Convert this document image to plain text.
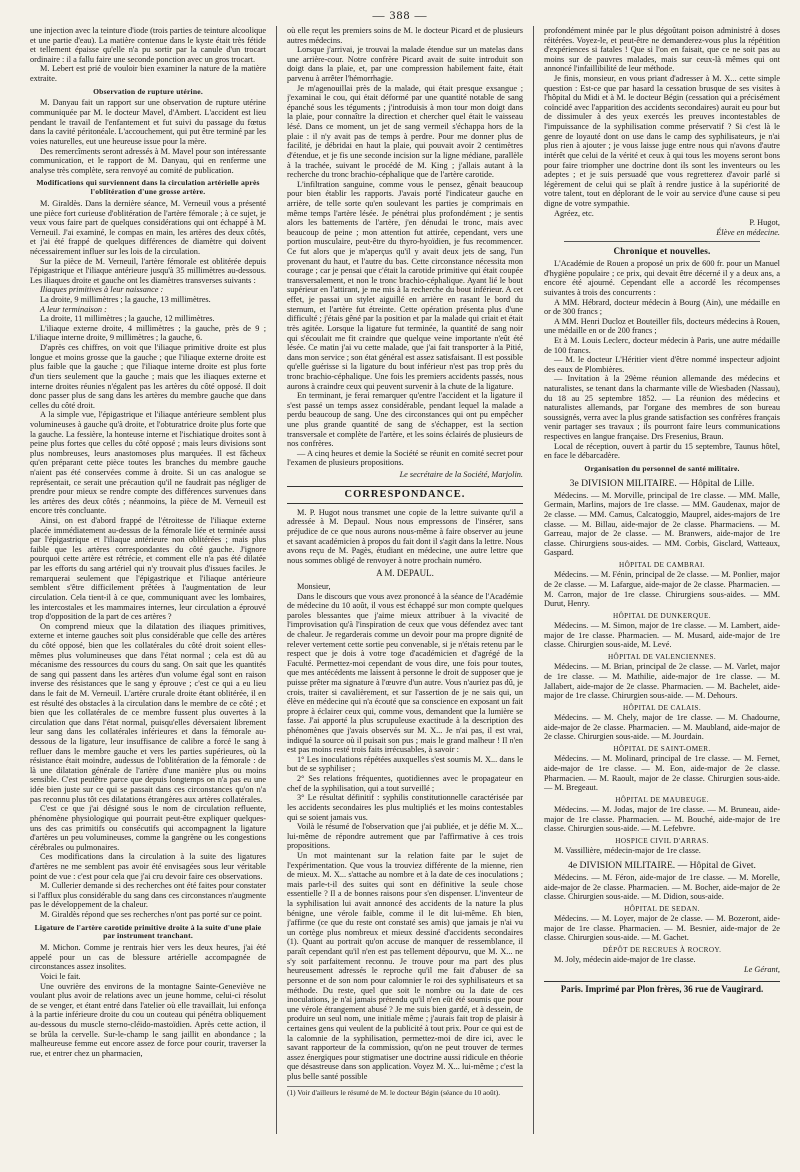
— 388 —

une injection avec la teinture d'iode (trois parties de teinture alcoolique et une partie d'eau). La matière contenue dans le kyste était très fétide et tellement épaisse qu'elle n'a pu sortir par la canule d'un trocart ordinaire : il a fallu faire une seconde ponction avec un gros trocart.

M. Lebert est prié de vouloir bien examiner la nature de la matière extraite.

Observation de rupture utérine.

M. Danyau fait un rapport sur une observation de rupture utérine communiquée par M. le docteur Mavel, d'Ambert. L'accident est lieu pendant le travail de l'enfantement et fut suivi du passage du fœtus dans la cavité péritonéale. L'accouchement, qui put être terminé par les voies naturelles, eut une heureuse issue pour la mère.

Des remercîments seront adressés à M. Mavel pour son intéressante communication, et le rapport de M. Danyau, qui en renferme une analyse très complète, sera renvoyé au comité de publication.

Modifications qui surviennent dans la circulation artérielle après l'oblitération d'une grosse artère.

M. Giraldès. Dans la dernière séance, M. Verneuil vous a présenté une pièce fort curieuse d'oblitération de l'artère fémorale ; à ce sujet, je veux vous faire part de quelques considérations qui ont échappé à M. Verneuil. J'ai examiné, le compas en main, les artères des deux côtés, et j'ai été frappé de quelques différences de diamètre qui doivent nécessairement influer sur les lois de la circulation.

Sur la pièce de M. Verneuil, l'artère fémorale est oblitérée depuis l'épigastrique et l'iliaque antérieure jusqu'à 35 millimètres au-dessous. Les iliaques droite et gauche ont les diamètres transverses suivants :

Iliaques primitives à leur naissance :

La droite, 9 millimètres ; la gauche, 13 millimètres.

A leur terminaison :

La droite, 11 millimètres ; la gauche, 12 millimètres.

L'iliaque externe droite, 4 millimètres ; la gauche, près de 9 ; L'iliaque interne droite, 9 millimètres ; la gauche, 6.

D'après ces chiffres, on voit que l'iliaque primitive droite est plus longue et moins grosse que la gauche ; que l'iliaque externe droite est plus faible que la gauche ; que l'iliaque interne droite est plus forte d'un tiers seulement que la gauche ; mais que les iliaques externe et interne droites réunies n'égalent pas les artères du côté opposé. Il doit donc passer plus de sang dans les artères du membre gauche que dans celles du côté droit.

A la simple vue, l'épigastrique et l'iliaque antérieure semblent plus volumineuses à gauche qu'à droite, et l'obturatrice droite plus forte que la gauche. La fessière, la honteuse interne et l'ischiatique droites sont à peine plus fortes que celles du côté opposé ; mais leurs divisions sont plus nombreuses, leurs anastomoses plus marquées. Il est fâcheux qu'en préparant cette pièce toutes les branches du membre gauche n'aient pas été conservées comme à droite. Si un cas analogue se représentait, ce serait une précaution qu'il ne faudrait pas négliger de prendre pour mieux se rendre compte des différences survenues dans les artères des deux côtés ; néanmoins, la pièce de M. Verneuil est encore très concluante.

Ainsi, on est d'abord frappé de l'étroitesse de l'iliaque externe placée immédiatement au-dessus de la fémorale liée et terminée aussi par l'épigastrique et l'iliaque antérieure non oblitérées ; mais plus faible que les artères correspondantes du côté gauche. J'ignore pourquoi cette artère est rétrécie, et comment elle n'a pas été dilatée par les efforts du sang artériel qui n'y trouvait plus d'issues faciles. Je remarquerai seulement que l'épigastrique et l'iliaque antérieure semblent s'être difficilement prêtées à l'augmentation de leur circulation. Cela tient-il à ce que, communiquant avec les lombaires, les intercostales et les mammaires internes, leur circulation a éprouvé trop d'opposition de la part de ces artères ?

On comprend mieux que la dilatation des iliaques primitives, externe et interne gauches soit plus considérable que celle des artères du côté opposé, bien que les collatérales du côté droit soient elles-mêmes plus volumineuses que dans l'état normal ; cela est dû au mécanisme des ressources du cours du sang. On sait que les quantités de sang qui passent dans les artères d'un volume égal sont en raison inverse des résistances que le sang y éprouve ; c'est ce qui a eu lieu dans le fait de M. Verneuil. L'artère crurale droite étant oblitérée, il en est résulté des obstacles à la circulation dans le membre de ce côté ; et bien que les collatérales de ce membre fussent plus ouvertes à la circulation que dans l'état normal, puisqu'elles déversaient librement leur sang dans les collatérales inférieures et dans la fémorale au-dessous de la ligature, leur insuffisance de calibre a forcé le sang à refluer dans le membre gauche et vers les parties supérieures, où la résistance était moindre, audessus de l'oblitération de la fémorale : de là une dilatation générale de l'artère d'une manière plus ou moins sensible. C'est peutêtre parce que depuis longtemps on n'a pas eu une idée bien juste sur ce qui se passait dans ces circonstances qu'on n'a pas reconnu plus tôt ces dilatations étrangères aux artères collatérales.

C'est ce que j'ai désigné sous le nom de circulation refluente, phénomène physiologique qui pourrait peut-être expliquer quelques-uns des cas primitifs ou consécutifs qui accompagnent la ligature d'artères un peu volumineuses, comme la gangrène ou les congestions cérébrales ou pulmonaires.

Ces modifications dans la circulation à la suite des ligatures d'artères ne me semblent pas avoir été envisagées sous leur véritable point de vue : c'est pour cela que j'ai cru devoir faire ces observations.

M. Cullerier demande si des recherches ont été faites pour constater si l'afflux plus considérable du sang dans ces circonstances n'augmente pas le développement de la chaleur.

M. Giraldès répond que ses recherches n'ont pas porté sur ce point.

Ligature de l'artère carotide primitive droite à la suite d'une plaie par instrument tranchant.

M. Michon. Comme je rentrais hier vers les deux heures, j'ai été appelé pour un cas de blessure artérielle accompagnée de circonstances assez insolites.

Voici le fait.

Une ouvrière des environs de la montagne Sainte-Geneviève ne voulant plus avoir de relations avec un jeune homme, celui-ci résolut de se venger, et étant entré dans l'atelier où elle travaillait, lui enfonça à la partie inférieure droite du cou un couteau qui pénétra obliquement au-dessous du muscle sterno-cléido-mastoïdien. Après cette action, il se brûla la cervelle. Sur-le-champ le sang jaillit en abondance ; la malheureuse femme eut encore assez de force pour courir, traverser la rue, et entrer chez un pharmacien,

où elle reçut les premiers soins de M. le docteur Picard et de plusieurs autres médecins.

Lorsque j'arrivai, je trouvai la malade étendue sur un matelas dans une arrière-cour. Notre confrère Picard avait de suite introduit son doigt dans la plaie, et, par une compression habilement faite, était parvenu à arrêter l'hémorrhagie.

Je m'agenouillai près de la malade, qui était presque exsangue ; j'examinai le cou, qui était déformé par une quantité notable de sang épanché sous les téguments ; j'introduisis à mon tour mon doigt dans la plaie, pour connaître la direction et chercher quel était le vaisseau lésé. Dans ce moment, un jet de sang vermeil s'échappa hors de la plaie : il n'y avait pas de temps à perdre. Pour me donner plus de facilité, je débridai en haut la plaie, qui pouvait avoir 2 centimètres d'étendue, et je fis une seconde incision sur la ligne médiane, parallèle à la trachée, suivant le procédé de M. King ; j'allais autant à la recherche du tronc brachio-céphalique que de l'artère carotide.

L'infiltration sanguine, comme vous le pensez, gênait beaucoup pour bien établir les rapports. J'avais porté l'indicateur gauche en arrière, de telle sorte qu'en soulevant les parties je comprimais en même temps l'artère lésée. Je pénétrai plus profondément ; je sentis alors les battements de l'artère, j'en dénudai le tronc, mais avec beaucoup de peine ; mon attention fut attirée, cependant, vers une portion musculaire, peut-être du thyro-hyoïdien, je fus recommencer. Ce fut alors que je m'aperçus qu'il y avait deux jets de sang, l'un provenant du haut, et l'autre du bas. Cette circonstance nécessita mon courage ; car je pensai que c'était la carotide primitive qui était coupée transversalement, et non le tronc brachio-céphalique. Ayant lié le bout supérieur en l'attirant, je me mis à la recherche du bout inférieur. A cet effet, je passai un stylet aiguillé en arrière en rasant le bord du sternum, et l'artère fut étreinte. Cette opération présenta plus d'une difficulté ; j'étais gêné par la position et par la malade qui criait et était très agitée. Lorsque la ligature fut terminée, la quantité de sang noir qui s'écoulait me fit craindre que quelque veine importante n'eût été lésée. Ce matin j'ai vu cette malade, que j'ai fait transporter à la Pitié, dans mon service ; son état général est assez satisfaisant. Il est possible qu'elle guérisse si la ligature du bout inférieur n'est pas trop près du tronc brachio-céphalique. Une fois les premiers accidents passés, nous aurons à craindre ceux qui peuvent survenir à la chute de la ligature.

En terminant, je ferai remarquer qu'entre l'accident et la ligature il s'est passé un temps assez considérable, pendant lequel la malade a perdu beaucoup de sang. Une des circonstances qui ont pu empêcher une plus grande quantité de sang de s'échapper, est la section transversale et complète de l'artère, et les soins éclairés de plusieurs de nos confrères.

— A cinq heures et demie la Société se réunit en comité secret pour l'examen de plusieurs propositions.

Le secrétaire de la Société, Marjolin.
CORRESPONDANCE.

M. P. Hugot nous transmet une copie de la lettre suivante qu'il a adressée à M. Depaul. Nous nous empressons de l'insérer, sans préjudice de ce que nous aurons nous-même à faire observer au jeune et savant académicien à propos du fait dont il s'agit dans la lettre. Nous avons reçu de M. Pagès, étudiant en médecine, une autre lettre que nous sommes obligé de renvoyer à notre prochain numéro.

A M. DEPAUL.

Monsieur,

Dans le discours que vous avez prononcé à la séance de l'Académie de médecine du 10 août, il vous est échappé sur mon compte quelques paroles blessantes que j'aime mieux attribuer à la vivacité de l'improvisation qu'à l'inspiration de ceux que vous défendez avec tant de chaleur. Je regarderais comme un devoir pour ma propre dignité de relever vertement cette sortie peu convenable, si je n'étais retenu par le respect que je dois à votre toge d'académicien et d'agrégé de la Faculté. Permettez-moi cependant de vous dire, une fois pour toutes, que mes antécédents me laissent à personne le droit de supposer que je puisse prêter ma signature à l'œuvre d'un autre. Vous n'auriez pas dû, je crois, traiter si cavalièrement, et sur l'assertion de je ne sais qui, un élève en médecine qui n'a écouté que sa conscience en exposant un fait propre à éclairer ceux qui, comme vous, demandent que la lumière se fasse. J'ai apporté la plus scrupuleuse exactitude à la description des phénomènes que j'avais observés sur M. X... Je n'ai pas, il est vrai, indiqué la source où il puisait son pus ; mais le grand malheur ! Il n'en est pas moins resté trois faits irrécusables, à savoir :

1° Les inoculations répétées auxquelles s'est soumis M. X... dans le but de se syphiliser ;

2° Ses relations fréquentes, quotidiennes avec le propagateur en chef de la syphilisation, qui a tout surveillé ;

3° Le résultat définitif : syphilis constitutionnelle caractérisée par les accidents secondaires les plus multipliés et les moins contestables qui se soient jamais vus.

Voilà le résumé de l'observation que j'ai publiée, et je défie M. X... lui-même de répondre autrement que par l'affirmative à ces trois propositions.

Un mot maintenant sur la relation faite par le sujet de l'expérimentation. Que vous la trouviez différente de la mienne, rien de mieux. M. X... s'attache au nombre et à la date de ces inoculations ; mais parle-t-il des suites qui sont en définitive la seule chose essentielle ? Il a de bonnes raisons pour s'en dispenser. L'inventeur de la syphilisation lui avait annoncé des accidents de la nature la plus bénigne, une vérole faible, comme il le dit lui-même. Eh bien, j'affirme (ce que du reste ont constaté ses amis) que jamais je n'ai vu un cortège plus nombreux et mieux dessiné d'accidents secondaires (1). Quant au portrait qu'on accuse de manquer de ressemblance, il paraît cependant qu'il n'en est pas tellement dépourvu, que M. X... ne s'y soit parfaitement reconnu. Je trouve pour ma part des plus heureusement adressés le reproche qu'il me fait d'abuser de sa personne et de son nom pour calomnier le roi des syphilisateurs et sa méthode. Du reste, quel que soit le nombre ou la date de ces inoculations, je n'ai jamais prétendu qu'il n'en eût été soumis que pour une vérole étrangement abusé ? Je me suis bien gardé, et à dessein, de produire un seul nom, une initiale même ; j'aurais fait trop de plaisir à certaines gens qui veulent de la publicité à tout prix. Pour ce qui est de la calomnie de la syphilisation, permettez-moi de dire ici, avec le savant rapporteur de la commission, qu'on ne peut trouver de termes assez énergiques pour stigmatiser une doctrine aussi ridicule en théorie que désastreuse dans son application. Voyez M. X... lui-même ; c'est la plus belle santé possible

(1) Voir d'ailleurs le résumé de M. le docteur Bégin (séance du 10 août).

profondément minée par le plus dégoûtant poison administré à doses réitérées. Voyez-le, et peut-être ne demanderez-vous plus la répétition d'expériences si fatales ! Que si l'on en faisait, que ce ne soit pas au moins sur de pauvres malades, mais sur ceux-là mêmes qui ont annoncé l'infaillibilité de leur méthode.

Je finis, monsieur, en vous priant d'adresser à M. X... cette simple question : Est-ce que par hasard la cessation brusque de ses visites à l'hôpital du Midi et à M. le docteur Bégin (cessation qui a précisément coïncidé avec l'apparition des accidents secondaires) aurait eu pour but de dissimuler à des yeux exercés les preuves incontestables de l'impuissance de la syphilisation comme préservatif ? Si c'est là le genre de loyauté dont on use dans le camp des syphilisateurs, je n'ai plus rien à ajouter ; je vous laisse juge entre nous qui n'avons d'autre intérêt que celui de la vérité et ceux à qui tous les moyens seront bons pour faire triompher une doctrine dont ils sont les inventeurs ou les adeptes ; et je suis persuadé que vous regretterez d'avoir parlé si légèrement de celui qui se plaît à rendre justice à la supériorité de votre talent, tout en déplorant de le voir au service d'une cause si peu digne de votre sympathie.

Agréez, etc.

P. Hugot,
Élève en médecine.
Chronique et nouvelles.

L'Académie de Rouen a proposé un prix de 600 fr. pour un Manuel d'hygiène populaire ; ce prix, qui devait être décerné il y a deux ans, a encore été ajourné. Cependant elle a accordé les récompenses suivantes à trois des concurrents :

A MM. Hébrard, docteur médecin à Bourg (Ain), une médaille en or de 300 francs ;

A MM. Henri Ducloz et Bouteiller fils, docteurs médecins à Rouen, une médaille en or de 200 francs ;

Et à M. Louis Leclerc, docteur médecin à Paris, une autre médaille de 100 francs.

— M. le docteur L'Héritier vient d'être nommé inspecteur adjoint des eaux de Plombières.

— Invitation à la 29ème réunion allemande des médecins et naturalistes, se tenant dans la charmante ville de Wiesbaden (Nassau), du 18 au 25 septembre 1852. — La réunion des médecins et naturalistes allemands, par l'organe des membres de son bureau soussignés, verra avec la plus grande satisfaction ses confrères français venir partager ses travaux ; ils pourront faire leurs communications respectives en langue française. Drs Fresenius, Braun.

Local de réception, ouvert à partir du 15 septembre, Taunus hôtel, en face le débarcadère.

Organisation du personnel de santé militaire.
3e DIVISION MILITAIRE. — Hôpital de Lille.

Médecins. — M. Morville, principal de 1re classe. — MM. Malle, Germain, Marlins, majors de 1re classe. — MM. Gaudenax, major de 2e classe. — MM. Camus, Calcatoggio, Mauprel, aides-majors de 1re classe. — M. Billau, aide-major de 2e classe. Pharmaciens. — M. Garreau, major de 2e classe. — M. Branwers, aide-major de 1re classe. Chirurgiens sous-aides. — MM. Corbis, Gisclard, Watteaux, Gaspard.

HÔPITAL DE CAMBRAI.

Médecins. — M. Fénin, principal de 2e classe. — M. Ponlier, major de 2e classe. — M. Lafargue, aide-major de 2e classe. Pharmacien. — M. Carron, major de 1re classe. Chirurgiens sous-aides. — MM. Durut, Henry.

HÔPITAL DE DUNKERQUE.

Médecins. — M. Simon, major de 1re classe. — M. Lambert, aide-major de 1re classe. Pharmacien. — M. Musard, aide-major de 1re classe. Chirurgien sous-aide, M. Levé.

HÔPITAL DE VALENCIENNES.

Médecins. — M. Brian, principal de 2e classe. — M. Varlet, major de 1re classe. — M. Mathilie, aide-major de 1re classe. — M. Jallabert, aide-major de 2e classe. Pharmacien. — M. Bachelet, aide-major de 1re classe. Chirurgien sous-aide. — M. Dehours.

HÔPITAL DE CALAIS.

Médecins. — M. Chely, major de 1re classe. — M. Chadourne, aide-major de 2e classe. Pharmacien. — M. Maubland, aide-major de 2e classe. Chirurgien sous-aide. — M. Jourdain.

HÔPITAL DE SAINT-OMER.

Médecins. — M. Molinard, principal de 1re classe. — M. Fernet, aide-major de 1re classe. — M. Eon, aide-major de 2e classe. Pharmacien. — M. Raoult, major de 2e classe. Chirurgien sous-aide. — M. Bregeaut.

HÔPITAL DE MAUBEUGE.

Médecins. — M. Jodas, major de 1re classe. — M. Bruneau, aide-major de 1re classe. Pharmacien. — M. Bouché, aide-major de 1re classe. Chirurgien sous-aide. — M. Lefebvre.

HOSPICE CIVIL D'ARRAS.

M. Vassillière, médecin-major de 1re classe.

4e DIVISION MILITAIRE. — Hôpital de Givet.

Médecins. — M. Féron, aide-major de 1re classe. — M. Morelle, aide-major de 2e classe. Pharmacien. — M. Bocher, aide-major de 2e classe. Chirurgien sous-aide. — M. Didion, sous-aide.

HÔPITAL DE SEDAN.

Médecins. — M. Loyer, major de 2e classe. — M. Bozeront, aide-major de 1re classe. Pharmacien. — M. Besnier, aide-major de 2e classe. Chirurgien sous-aide. — M. Gachet.

DÉPÔT DE RECRUES À ROCROY.

M. Joly, médecin aide-major de 1re classe.

Le Gérant,
Paris. Imprimé par Plon frères, 36 rue de Vaugirard.
